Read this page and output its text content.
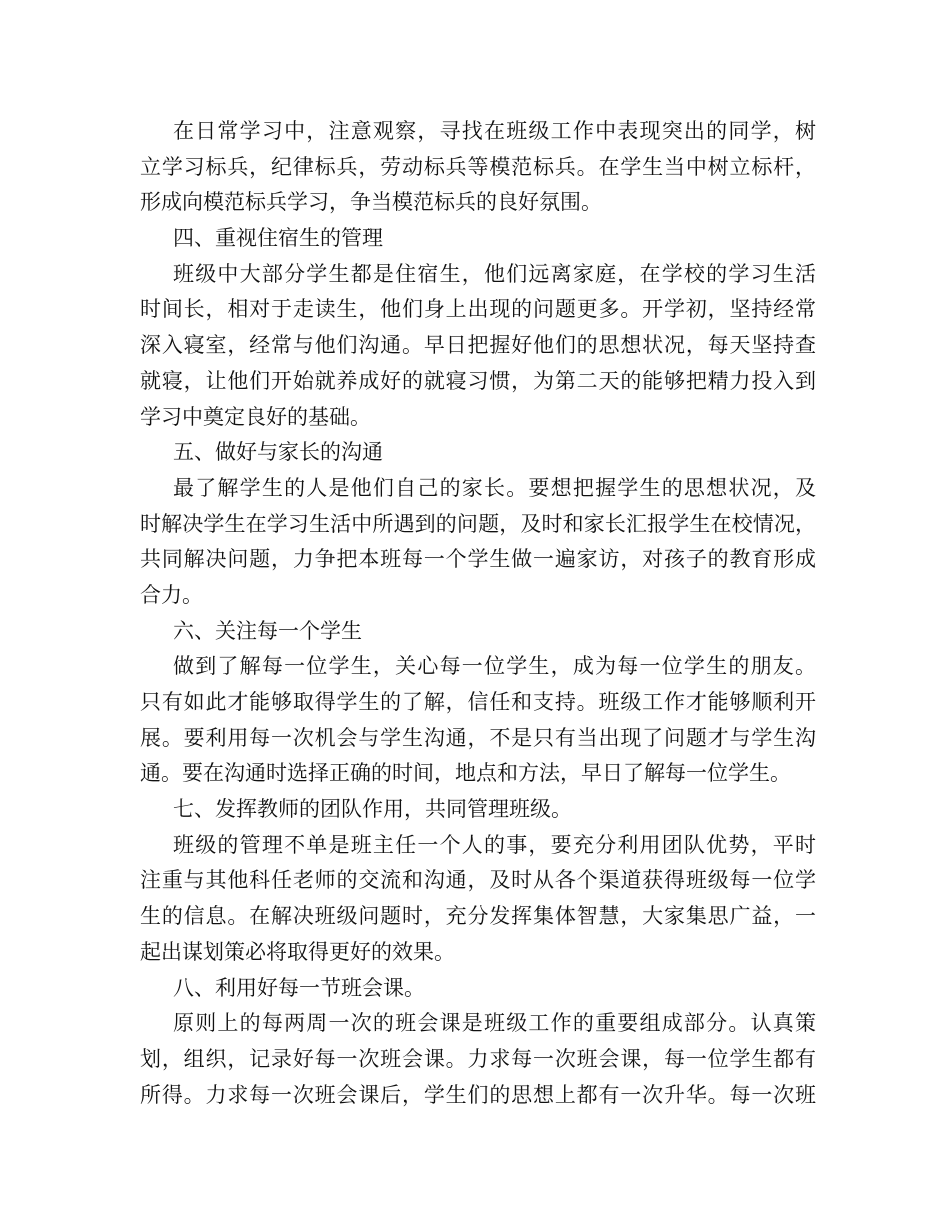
在日常学习中，注意观察，寻找在班级工作中表现突出的同学，树
立学习标兵，纪律标兵，劳动标兵等模范标兵。在学生当中树立标杆，
形成向模范标兵学习，争当模范标兵的良好氛围。
四、重视住宿生的管理
班级中大部分学生都是住宿生，他们远离家庭，在学校的学习生活
时间长，相对于走读生，他们身上出现的问题更多。开学初，坚持经常
深入寝室，经常与他们沟通。早日把握好他们的思想状况，每天坚持查
就寝，让他们开始就养成好的就寝习惯，为第二天的能够把精力投入到
学习中奠定良好的基础。
五、做好与家长的沟通
最了解学生的人是他们自己的家长。要想把握学生的思想状况，及
时解决学生在学习生活中所遇到的问题，及时和家长汇报学生在校情况，
共同解决问题，力争把本班每一个学生做一遍家访，对孩子的教育形成
合力。
六、关注每一个学生
做到了解每一位学生，关心每一位学生，成为每一位学生的朋友。
只有如此才能够取得学生的了解，信任和支持。班级工作才能够顺利开
展。要利用每一次机会与学生沟通，不是只有当出现了问题才与学生沟
通。要在沟通时选择正确的时间，地点和方法，早日了解每一位学生。
七、发挥教师的团队作用，共同管理班级。
班级的管理不单是班主任一个人的事，要充分利用团队优势，平时
注重与其他科任老师的交流和沟通，及时从各个渠道获得班级每一位学
生的信息。在解决班级问题时，充分发挥集体智慧，大家集思广益，一
起出谋划策必将取得更好的效果。
八、利用好每一节班会课。
原则上的每两周一次的班会课是班级工作的重要组成部分。认真策
划，组织，记录好每一次班会课。力求每一次班会课，每一位学生都有
所得。力求每一次班会课后，学生们的思想上都有一次升华。每一次班
